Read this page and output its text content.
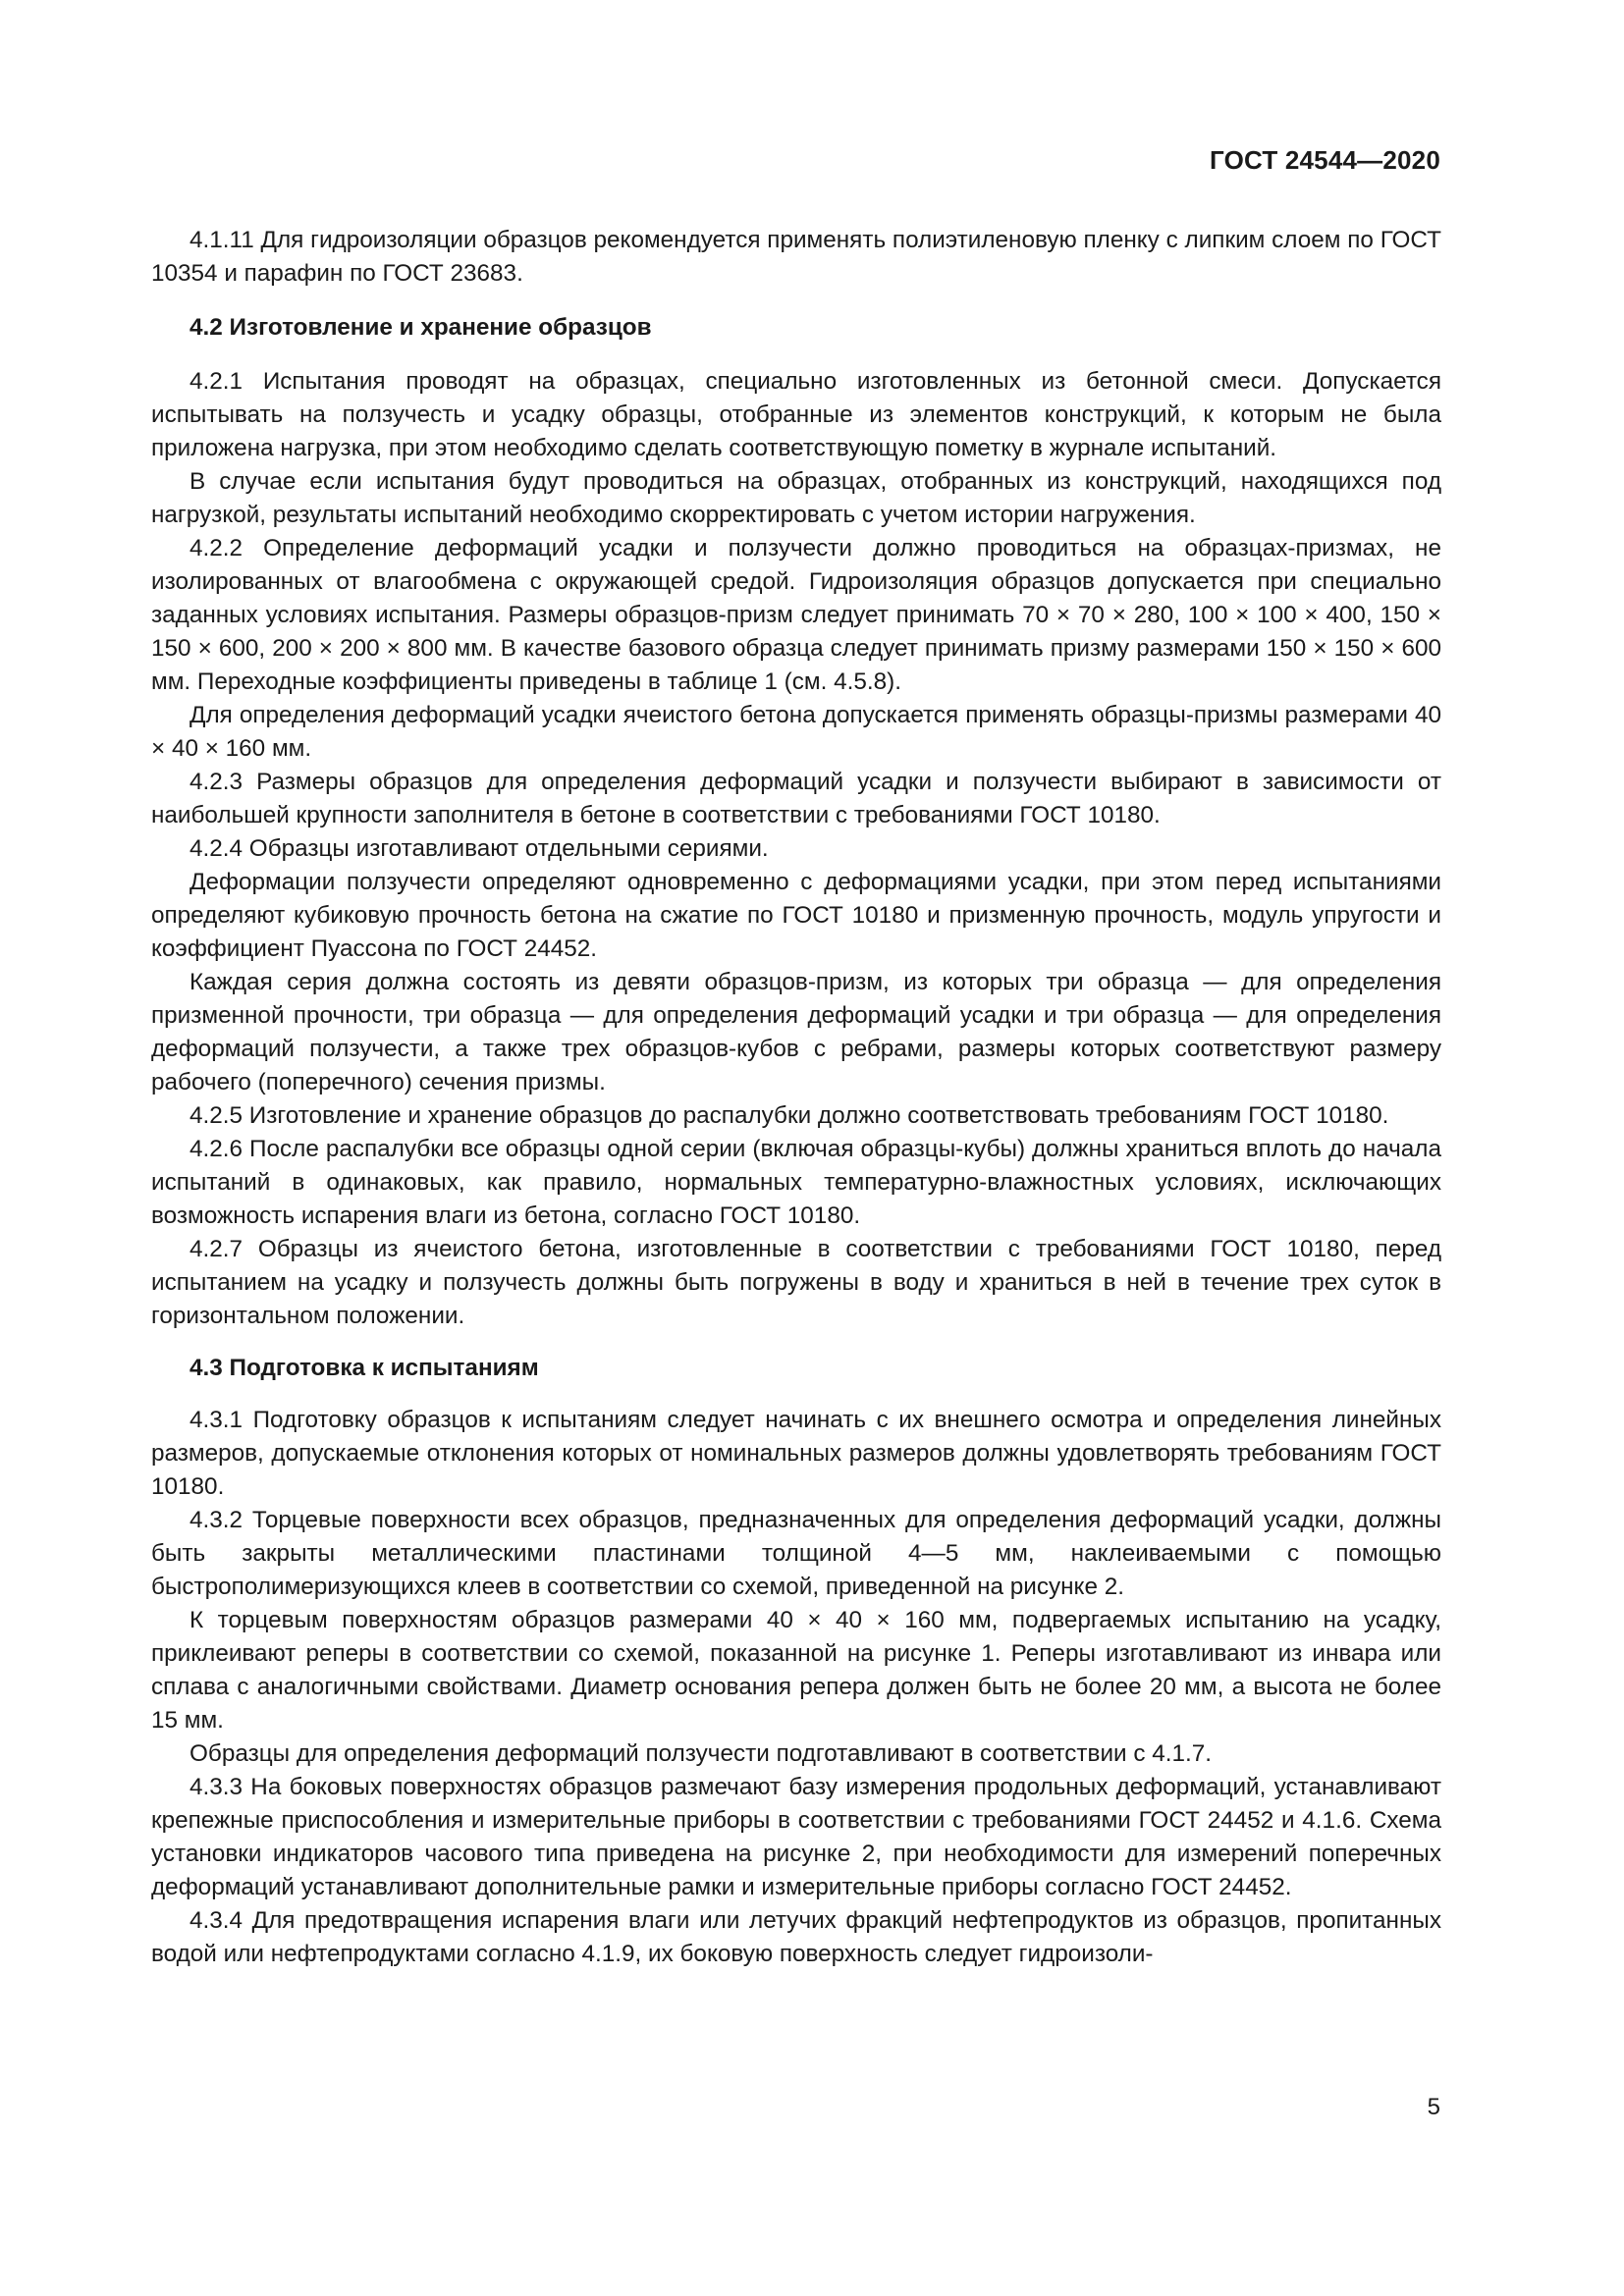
ГОСТ 24544—2020

4.1.11 Для гидроизоляции образцов рекомендуется применять полиэтиленовую пленку с липким слоем по ГОСТ 10354 и парафин по ГОСТ 23683.

4.2 Изготовление и хранение образцов

4.2.1 Испытания проводят на образцах, специально изготовленных из бетонной смеси. Допускается испытывать на ползучесть и усадку образцы, отобранные из элементов конструкций, к которым не была приложена нагрузка, при этом необходимо сделать соответствующую пометку в журнале испытаний.

В случае если испытания будут проводиться на образцах, отобранных из конструкций, находящихся под нагрузкой, результаты испытаний необходимо скорректировать с учетом истории нагружения.

4.2.2 Определение деформаций усадки и ползучести должно проводиться на образцах-призмах, не изолированных от влагообмена с окружающей средой. Гидроизоляция образцов допускается при специально заданных условиях испытания. Размеры образцов-призм следует принимать 70 × 70 × 280, 100 × 100 × 400, 150 × 150 × 600, 200 × 200 × 800 мм. В качестве базового образца следует принимать призму размерами 150 × 150 × 600 мм. Переходные коэффициенты приведены в таблице 1 (см. 4.5.8).

Для определения деформаций усадки ячеистого бетона допускается применять образцы-призмы размерами 40 × 40 × 160 мм.

4.2.3 Размеры образцов для определения деформаций усадки и ползучести выбирают в зависимости от наибольшей крупности заполнителя в бетоне в соответствии с требованиями ГОСТ 10180.

4.2.4 Образцы изготавливают отдельными сериями.

Деформации ползучести определяют одновременно с деформациями усадки, при этом перед испытаниями определяют кубиковую прочность бетона на сжатие по ГОСТ 10180 и призменную прочность, модуль упругости и коэффициент Пуассона по ГОСТ 24452.

Каждая серия должна состоять из девяти образцов-призм, из которых три образца — для определения призменной прочности, три образца — для определения деформаций усадки и три образца — для определения деформаций ползучести, а также трех образцов-кубов с ребрами, размеры которых соответствуют размеру рабочего (поперечного) сечения призмы.

4.2.5 Изготовление и хранение образцов до распалубки должно соответствовать требованиям ГОСТ 10180.

4.2.6 После распалубки все образцы одной серии (включая образцы-кубы) должны храниться вплоть до начала испытаний в одинаковых, как правило, нормальных температурно-влажностных условиях, исключающих возможность испарения влаги из бетона, согласно ГОСТ 10180.

4.2.7 Образцы из ячеистого бетона, изготовленные в соответствии с требованиями ГОСТ 10180, перед испытанием на усадку и ползучесть должны быть погружены в воду и храниться в ней в течение трех суток в горизонтальном положении.

4.3 Подготовка к испытаниям

4.3.1 Подготовку образцов к испытаниям следует начинать с их внешнего осмотра и определения линейных размеров, допускаемые отклонения которых от номинальных размеров должны удовлетворять требованиям ГОСТ 10180.

4.3.2 Торцевые поверхности всех образцов, предназначенных для определения деформаций усадки, должны быть закрыты металлическими пластинами толщиной 4—5 мм, наклеиваемыми с помощью быстрополимеризующихся клеев в соответствии со схемой, приведенной на рисунке 2.

К торцевым поверхностям образцов размерами 40 × 40 × 160 мм, подвергаемых испытанию на усадку, приклеивают реперы в соответствии со схемой, показанной на рисунке 1. Реперы изготавливают из инвара или сплава с аналогичными свойствами. Диаметр основания репера должен быть не более 20 мм, а высота не более 15 мм.

Образцы для определения деформаций ползучести подготавливают в соответствии с 4.1.7.

4.3.3 На боковых поверхностях образцов размечают базу измерения продольных деформаций, устанавливают крепежные приспособления и измерительные приборы в соответствии с требованиями ГОСТ 24452 и 4.1.6. Схема установки индикаторов часового типа приведена на рисунке 2, при необходимости для измерений поперечных деформаций устанавливают дополнительные рамки и измерительные приборы согласно ГОСТ 24452.

4.3.4 Для предотвращения испарения влаги или летучих фракций нефтепродуктов из образцов, пропитанных водой или нефтепродуктами согласно 4.1.9, их боковую поверхность следует гидроизоли-

5
